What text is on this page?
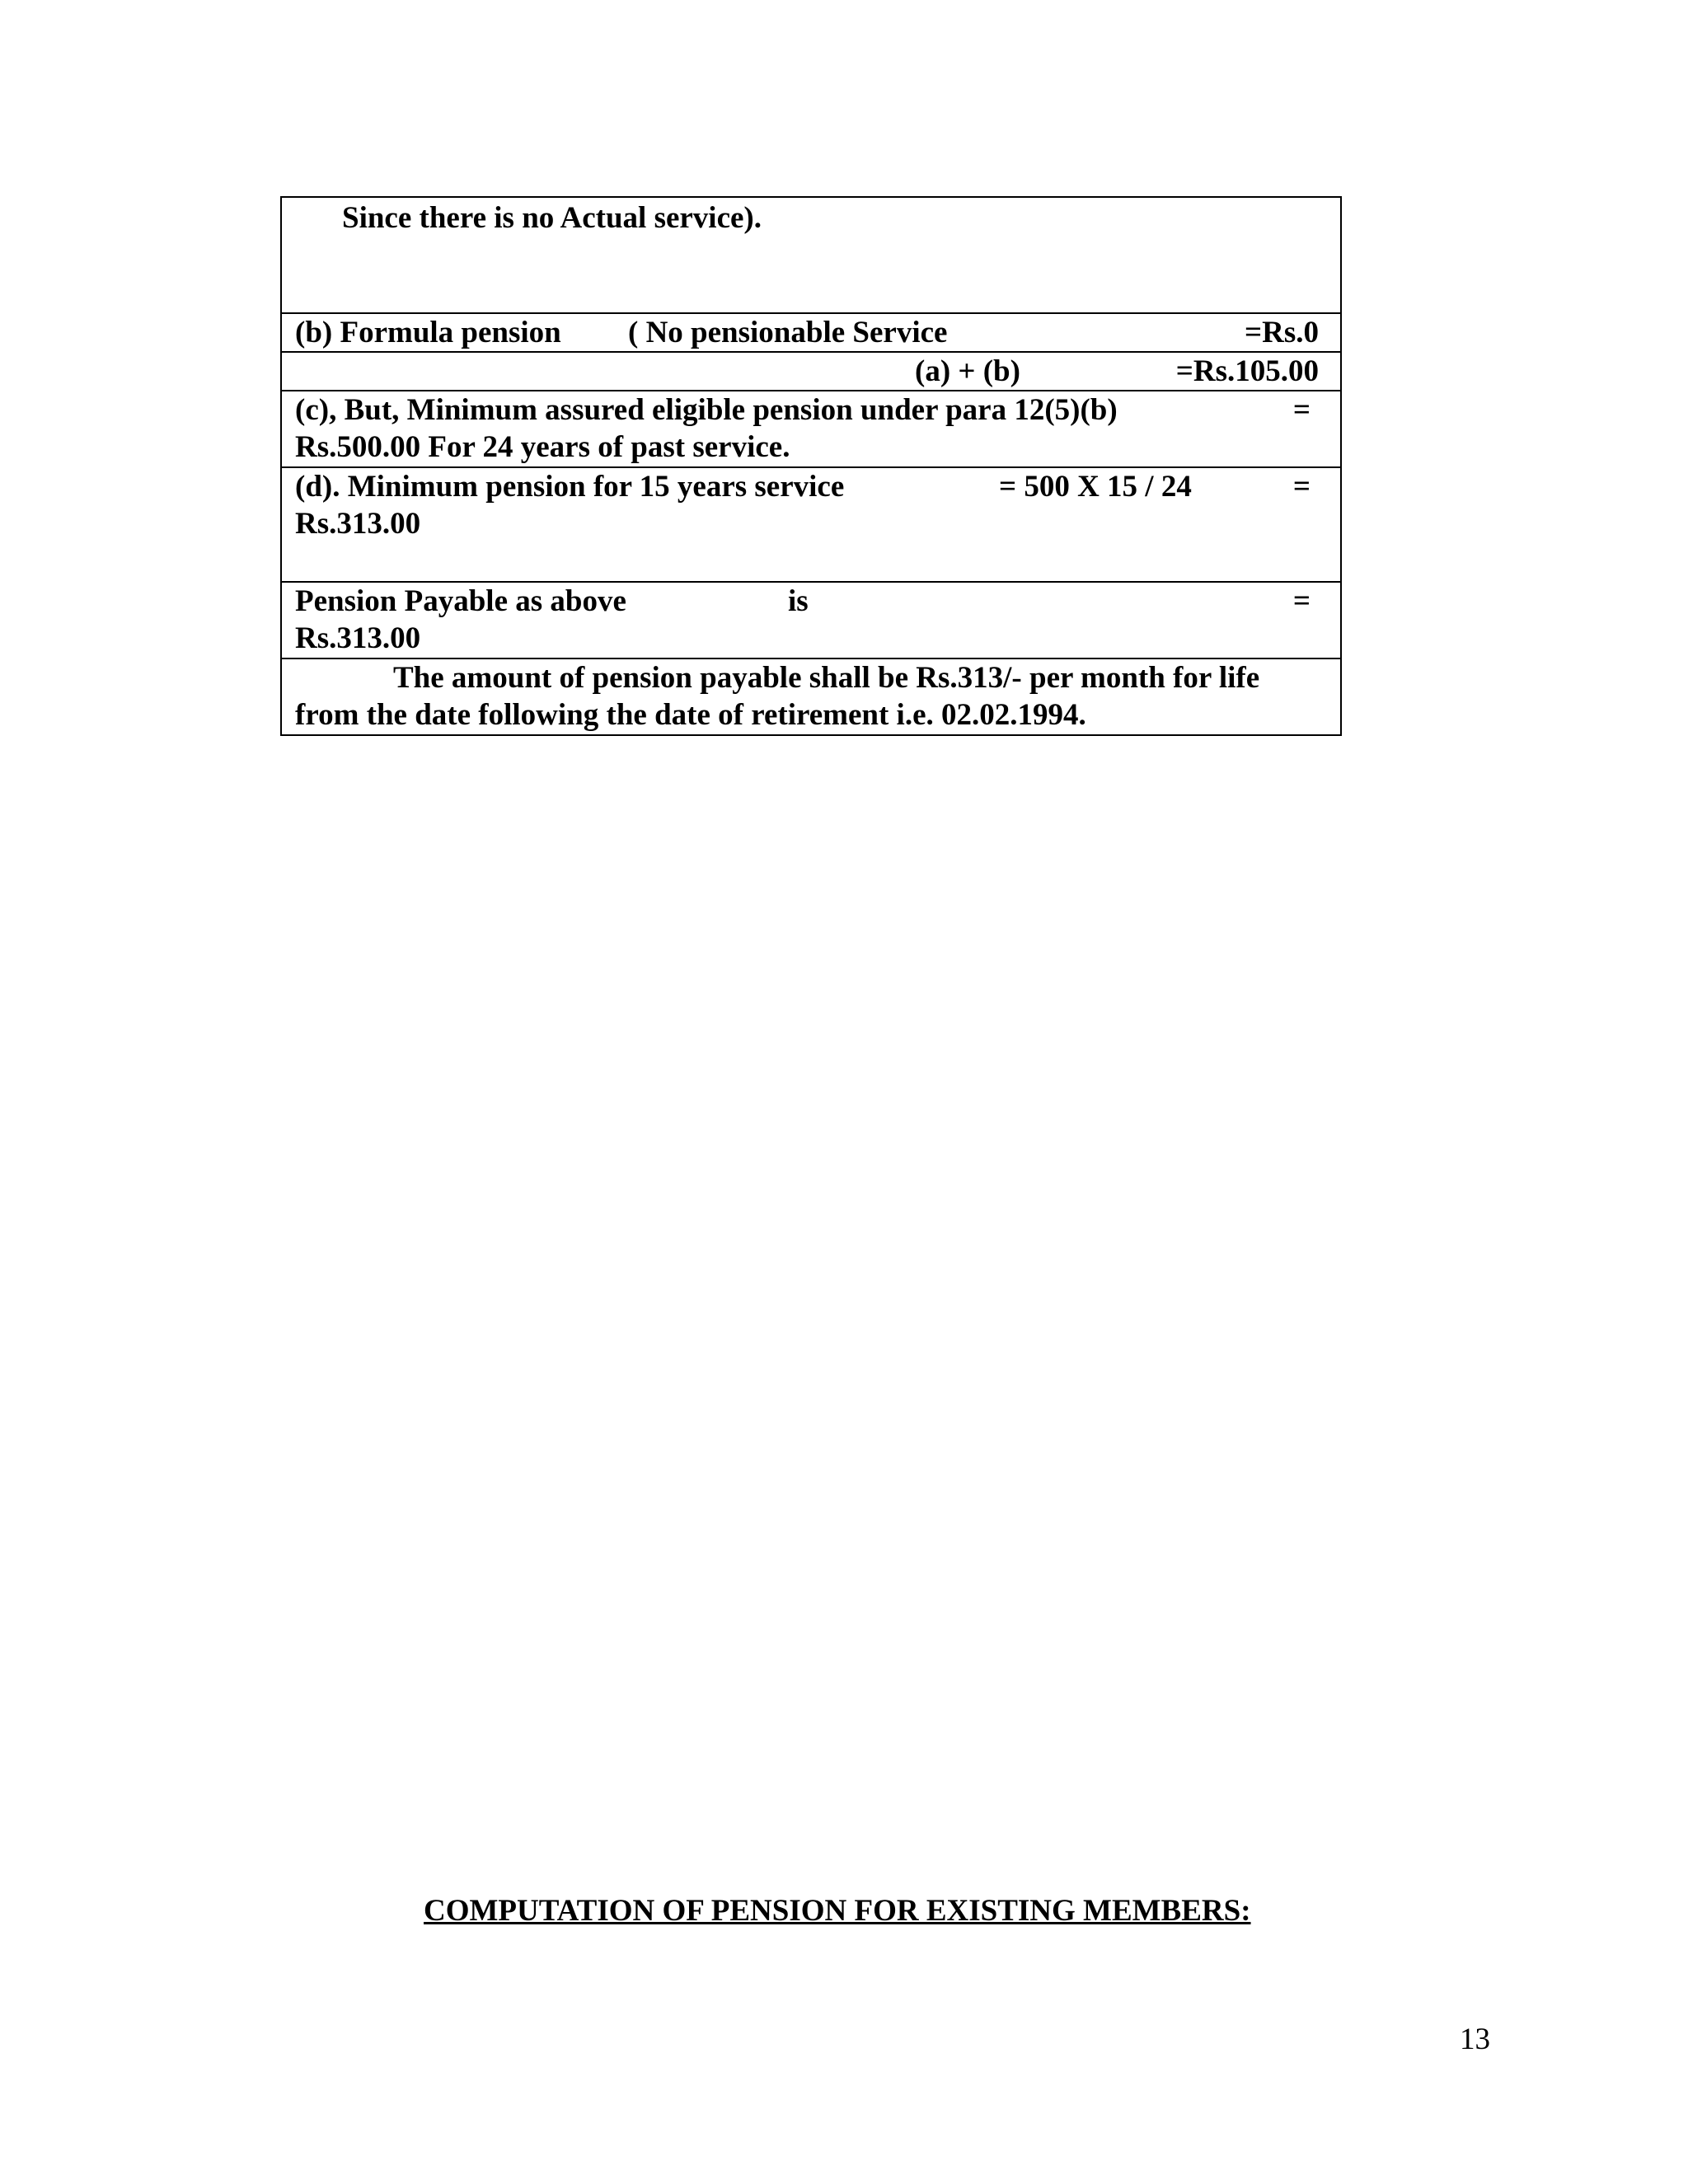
Since there is no Actual service).
(b) Formula pension ( No pensionable Service	=Rs.0
(a) + (b)	=Rs.105.00
(c), But, Minimum assured eligible pension under para 12(5)(b)	=
Rs.500.00 For 24 years of past service.
(d). Minimum pension for 15 years service	= 500 X 15 / 24	=
Rs.313.00
Pension Payable as above	is	=
Rs.313.00
The amount of pension payable shall be Rs.313/- per month for life
from the date following the date of retirement i.e. 02.02.1994.
COMPUTATION OF PENSION FOR EXISTING MEMBERS:
13
